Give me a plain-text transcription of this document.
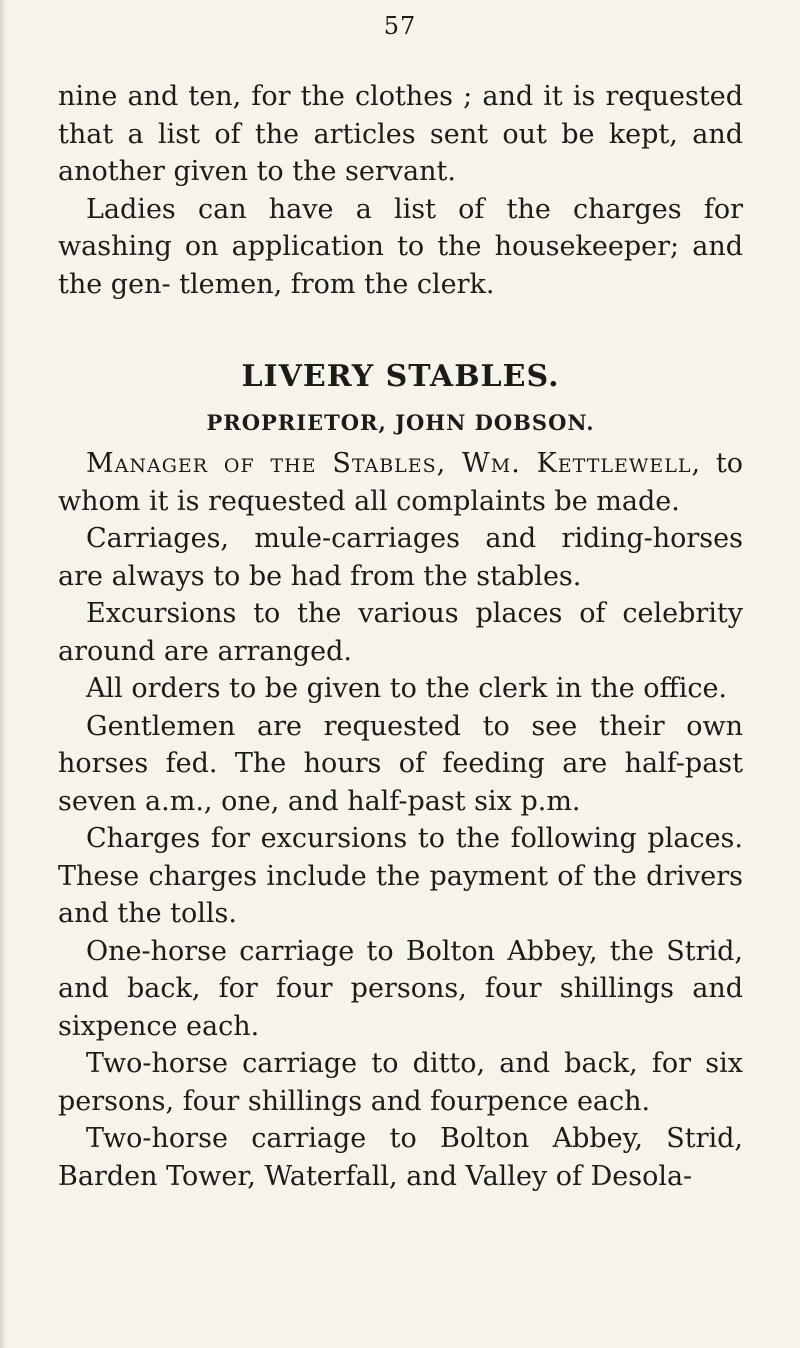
57

nine and ten, for the clothes ; and it is requested that a list of the articles sent out be kept, and another given to the servant.

Ladies can have a list of the charges for washing on application to the housekeeper; and the gen- tlemen, from the clerk.

LIVERY STABLES.
PROPRIETOR, JOHN DOBSON.

Manager of the Stables, Wm. Kettlewell, to whom it is requested all complaints be made.

Carriages, mule-carriages and riding-horses are always to be had from the stables.

Excursions to the various places of celebrity around are arranged.

All orders to be given to the clerk in the office.

Gentlemen are requested to see their own horses fed. The hours of feeding are half-past seven a.m., one, and half-past six p.m.

Charges for excursions to the following places. These charges include the payment of the drivers and the tolls.

One-horse carriage to Bolton Abbey, the Strid, and back, for four persons, four shillings and sixpence each.

Two-horse carriage to ditto, and back, for six persons, four shillings and fourpence each.

Two-horse carriage to Bolton Abbey, Strid, Barden Tower, Waterfall, and Valley of Desola-
